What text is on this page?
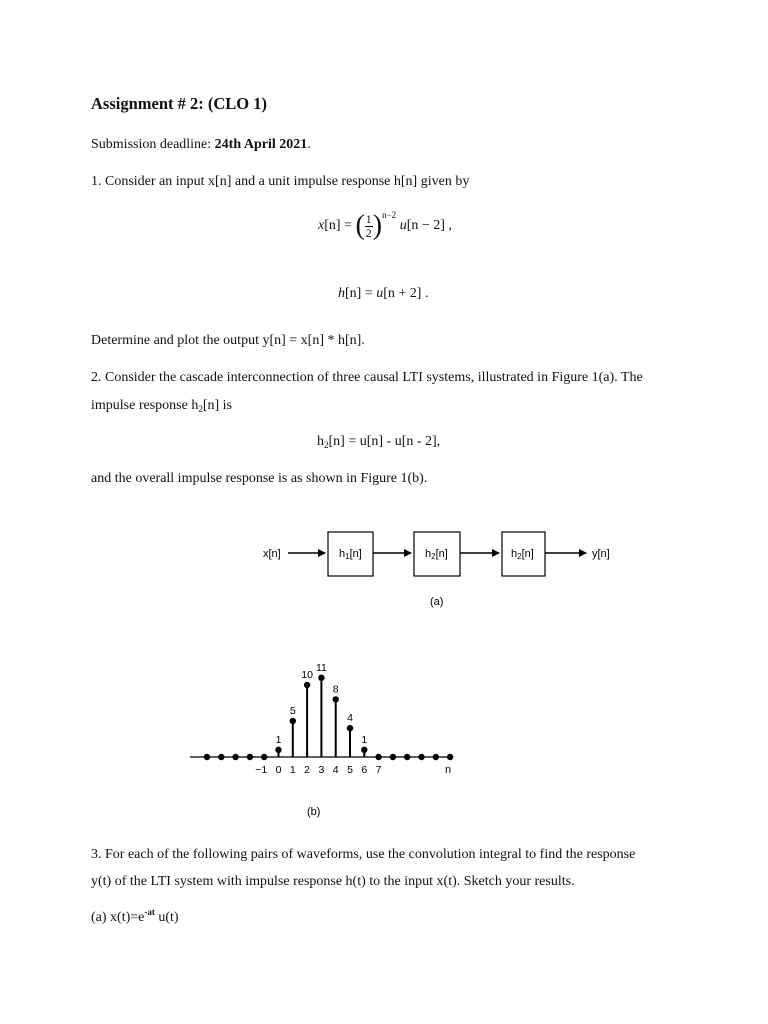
Assignment # 2: (CLO 1)
Submission deadline: 24th April 2021.
1. Consider an input x[n] and a unit impulse response h[n] given by
x[n] = ( $\frac{1}{2} )^{n-2}$ u[n − 2] ,
h[n] = u[n + 2] .
Determine and plot the output y[n] = x[n] * h[n].
2. Consider the cascade interconnection of three causal LTI systems, illustrated in Figure 1(a). The
impulse response $h_2[n]$ is
$h_2[n] = u[n] - u[n - 2]$,
and the overall impulse response is as shown in Figure 1(b).
x[n]	h1[n]	h2[n]	h2[n]	y[n]
(a)
1
5
10
11
8
4
1
−1 0 1 2 3 4 5 6 7	n
(b)
3. For each of the following pairs of waveforms, use the convolution integral to find the response
y(t) of the LTI system with impulse response h(t) to the input x(t). Sketch your results.
(a) $x(t)=e^{-at}$ u(t)
